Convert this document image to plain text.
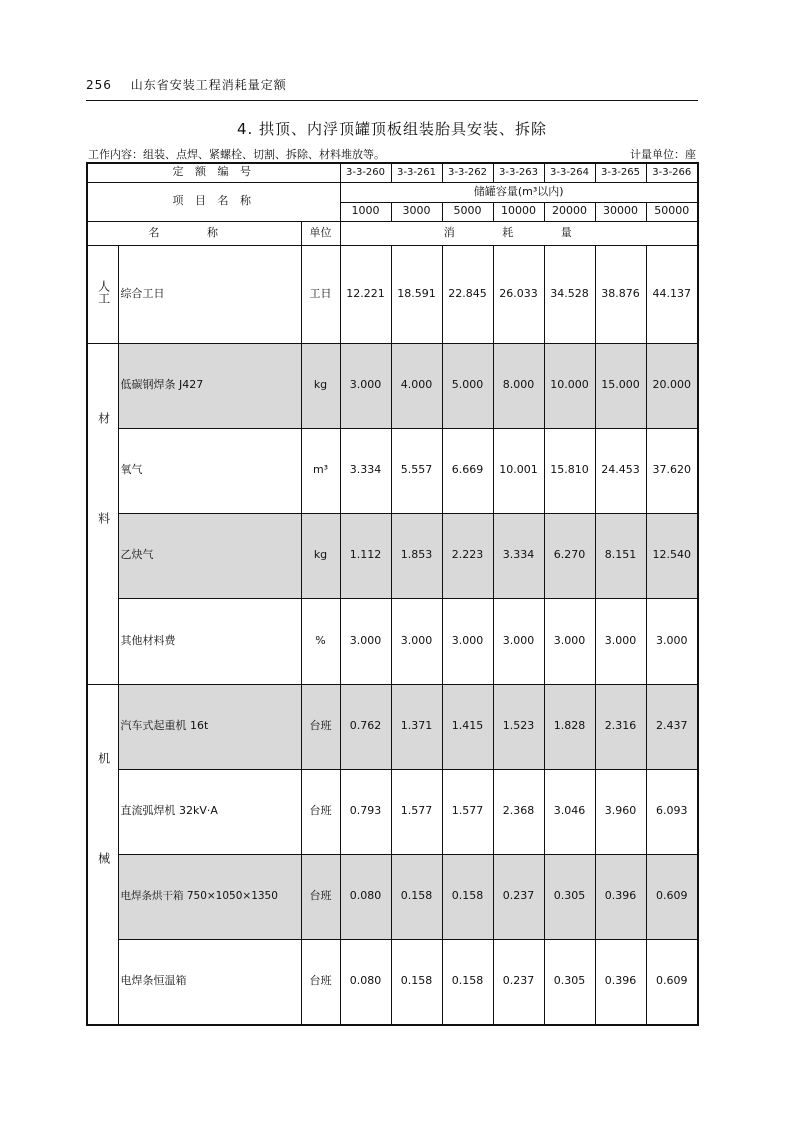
256 山东省安装工程消耗量定额
4. 拱顶、内浮顶罐顶板组装胎具安装、拆除
工作内容：组装、点焊、紧螺栓、切割、拆除、材料堆放等。	计量单位：座
定 额 编 号			3-3-260	3-3-261	3-3-262	3-3-263	3-3-264	3-3-265	3-3-266
项 目 名 称			储罐容量(m³以内)						
			1000	3000	5000	10000	20000	30000	50000
名 称		单位	消 耗 量						
人工	综合工日	工日	12.221	18.591	22.845	26.033	34.528	38.876	44.137
材料	低碳钢焊条 J427	kg	3.000	4.000	5.000	8.000	10.000	15.000	20.000
	氧气	m³	3.334	5.557	6.669	10.001	15.810	24.453	37.620
	乙炔气	kg	1.112	1.853	2.223	3.334	6.270	8.151	12.540
	其他材料费	%	3.000	3.000	3.000	3.000	3.000	3.000	3.000
机械	汽车式起重机 16t	台班	0.762	1.371	1.415	1.523	1.828	2.316	2.437
	直流弧焊机 32kV·A	台班	0.793	1.577	1.577	2.368	3.046	3.960	6.093
	电焊条烘干箱 750×1050×1350	台班	0.080	0.158	0.158	0.237	0.305	0.396	0.609
	电焊条恒温箱	台班	0.080	0.158	0.158	0.237	0.305	0.396	0.609
